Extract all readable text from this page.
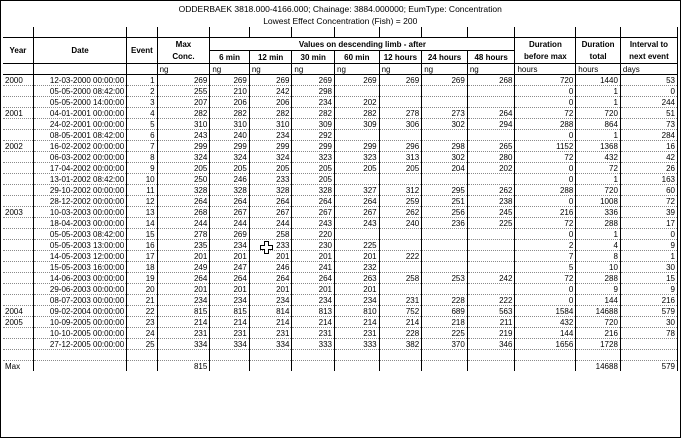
ODDERBAEK 3818.000-4166.000; Chainage: 3884.000000; EumType: Concentration													
Lowest Effect Concentration (Fish) = 200													

Year	Date	Event	Max	Values on descending limb - after							Duration	Duration	Interval to
			Conc.	6 min	12 min	30 min	60 min	12 hours	24 hours	48 hours	before max	total	next event
			ng	ng	ng	ng	ng	ng	ng	ng	hours	hours	days
2000	12-03-2000 00:00:00	1	269	269	269	269	269	269	269	268	720	1440	53
	05-05-2000 08:42:00	2	255	210	242	298					0	1	0
	05-05-2000 14:00:00	3	207	206	206	234	202				0	1	244
2001	04-01-2001 00:00:00	4	282	282	282	282	282	278	273	264	72	720	51
	24-02-2001 00:00:00	5	310	310	310	309	309	306	302	294	288	864	73
	08-05-2001 08:42:00	6	243	240	234	292					0	1	284
2002	16-02-2002 00:00:00	7	299	299	299	299	299	296	298	265	1152	1368	16
	06-03-2002 00:00:00	8	324	324	324	323	323	313	302	280	72	432	42
	17-04-2002 00:00:00	9	205	205	205	205	205	205	204	202	0	72	26
	13-01-2002 08:42:00	10	250	246	233	205					0	1	163
	29-10-2002 00:00:00	11	328	328	328	328	327	312	295	262	288	720	60
	28-12-2002 00:00:00	12	264	264	264	264	264	259	251	238	0	1008	72
2003	10-03-2003 00:00:00	13	268	267	267	267	267	262	256	245	216	336	39
	18-04-2003 00:00:00	14	244	244	244	243	243	240	236	225	72	288	17
	05-05-2003 08:42:00	15	278	269	258	220					0	1	0
	05-05-2003 13:00:00	16	235	234	233	230	225				2	4	9
	14-05-2003 12:00:00	17	201	201	201	201	201	222			7	8	1
	15-05-2003 16:00:00	18	249	247	246	241	232				5	10	30
	14-06-2003 00:00:00	19	264	264	264	264	263	258	253	242	72	288	15
	29-06-2003 00:00:00	20	201	201	201	201	201				0	9	9
	08-07-2003 00:00:00	21	234	234	234	234	234	231	228	222	0	144	216
2004	09-02-2004 00:00:00	22	815	815	814	813	810	752	689	563	1584	14688	579
2005	10-09-2005 00:00:00	23	214	214	214	214	214	214	218	211	432	720	30
	10-10-2005 00:00:00	24	231	231	231	231	231	228	225	219	144	216	78
	27-12-2005 00:00:00	25	334	334	334	333	333	382	370	346	1656	1728	

Max			815									14688	579
